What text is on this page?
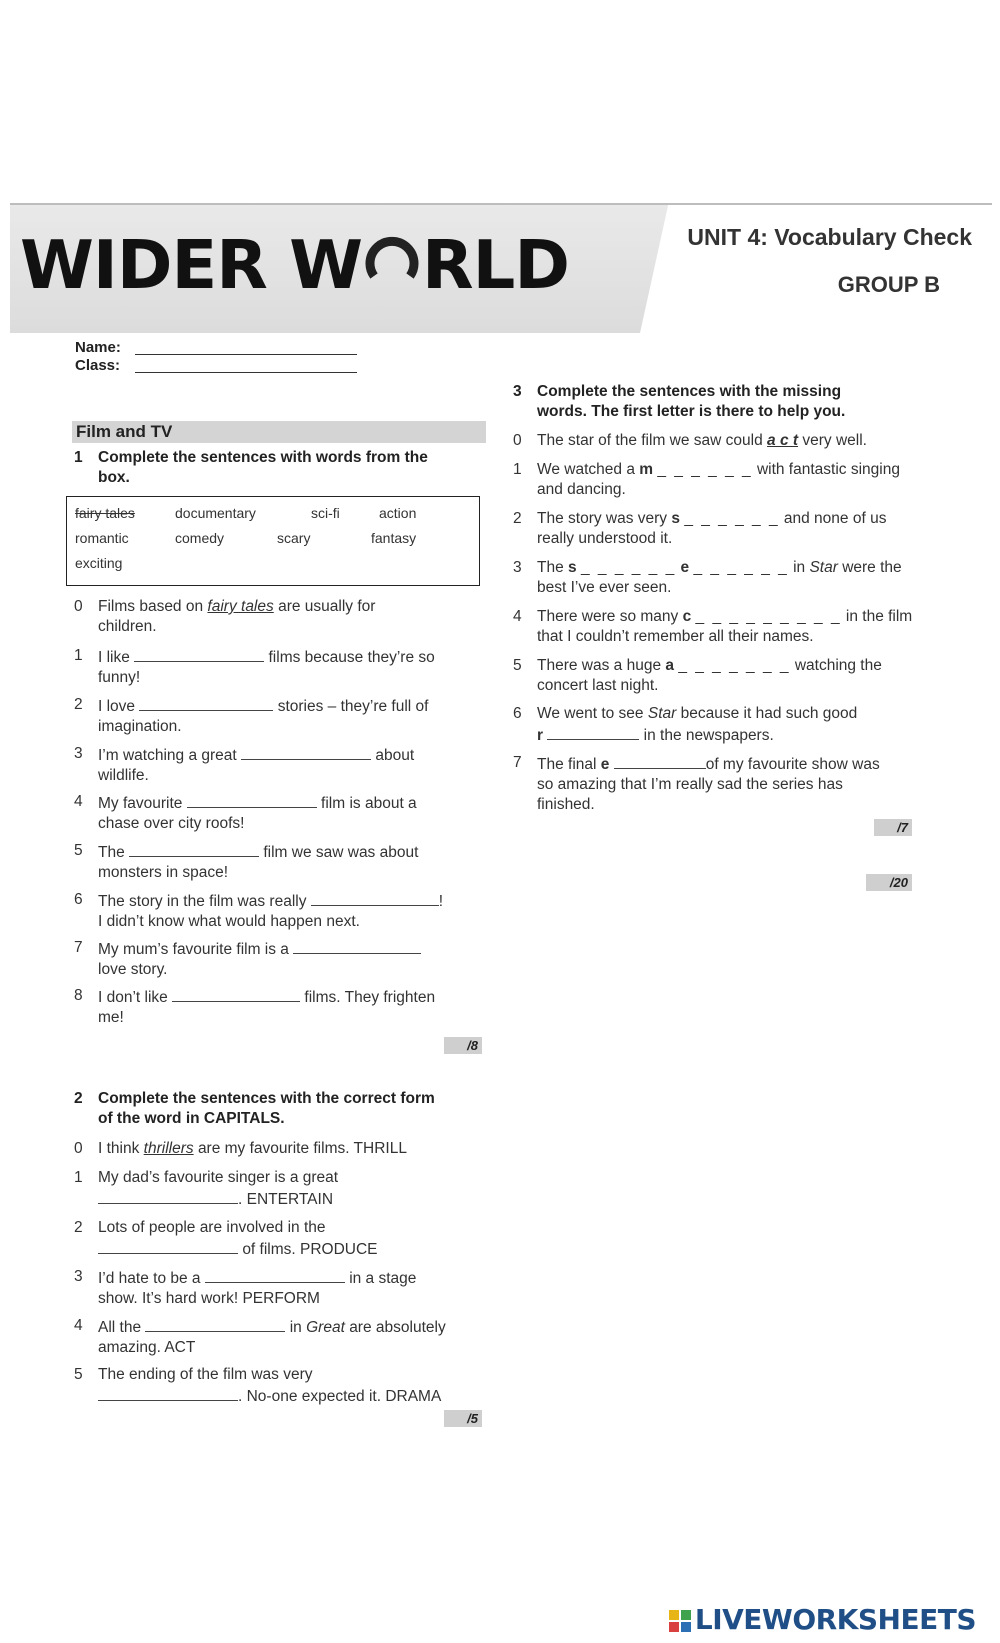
WIDER W RLD	UNIT 4: Vocabulary Check
GROUP B
Name:
Class:
Film and TV
1 Complete the sentences with words from the
box.
fairy tales	documentary	sci-fi	action
romantic	comedy	scary	fantasy
exciting
0 Films based on fairy tales are usually for
children.
1 I like	films because they’re so
funny!
2 I love	stories – they’re full of
imagination.
3 I’m watching a great	about
wildlife.
4 My favourite	film is about a
chase over city roofs!
5 The	film we saw was about
monsters in space!
6 The story in the film was really	!
I didn’t know what would happen next.
7 My mum’s favourite film is a
love story.
8 I don’t like	films. They frighten
me!
/8
2 Complete the sentences with the correct form
of the word in CAPITALS.
0 I think thrillers are my favourite films. THRILL
1 My dad’s favourite singer is a great
. ENTERTAIN
2 Lots of people are involved in the
of films. PRODUCE
3 I’d hate to be a	in a stage
show. It’s hard work! PERFORM
4 All the	in Great are absolutely
amazing. ACT
5 The ending of the film was very
. No-one expected it. DRAMA
/5
3 Complete the sentences with the missing
words. The first letter is there to help you.
0 The star of the film we saw could a c t very well.
1 We watched a m _ _ _ _ _ _ with fantastic singing
and dancing.
2 The story was very s _ _ _ _ _ _ and none of us
really understood it.
3 The s _ _ _ _ _ _ e _ _ _ _ _ _ in Star were the
best I’ve ever seen.
4 There were so many c _ _ _ _ _ _ _ _ _ in the film
that I couldn’t remember all their names.
5 There was a huge a _ _ _ _ _ _ _ watching the
concert last night.
6 We went to see Star because it had such good
r	in the newspapers.
7 The final e	of my favourite show was
so amazing that I’m really sad the series has
finished.
/7
/20
LIVEWORKSHEETS
